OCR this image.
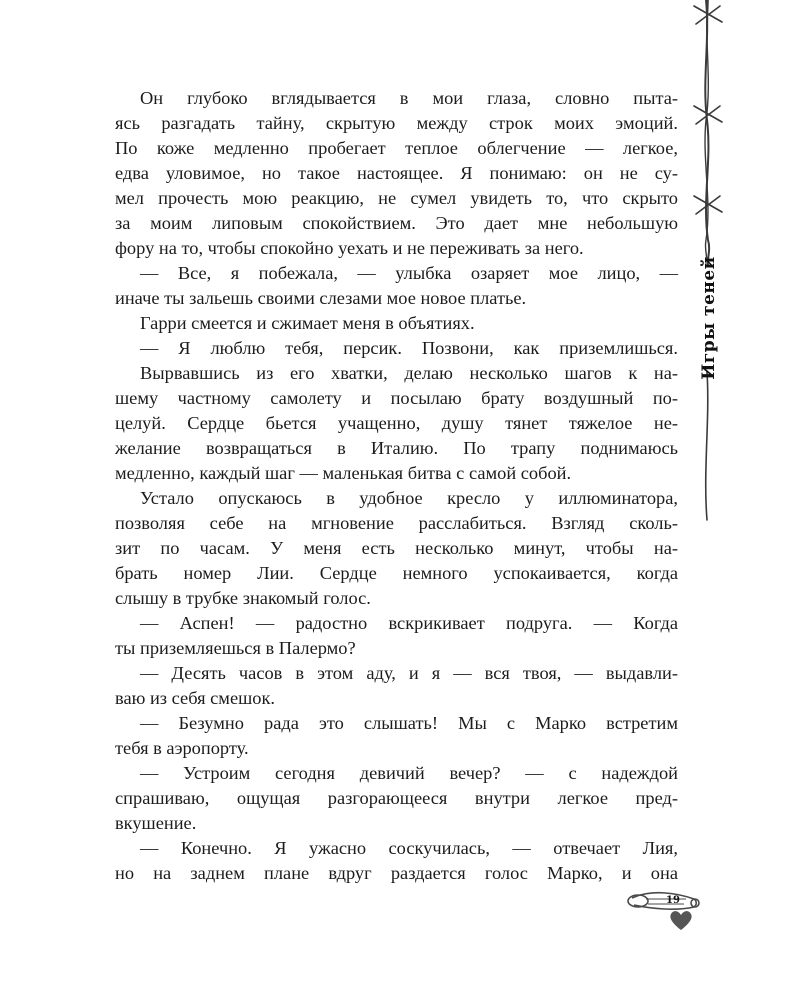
Игры теней
Он глубоко вглядывается в мои глаза, словно пыта-
ясь разгадать тайну, скрытую между строк моих эмоций.
По коже медленно пробегает теплое облегчение — легкое,
едва уловимое, но такое настоящее. Я понимаю: он не су-
мел прочесть мою реакцию, не сумел увидеть то, что скрыто
за моим липовым спокойствием. Это дает мне небольшую
фору на то, чтобы спокойно уехать и не переживать за него.
— Все, я побежала, — улыбка озаряет мое лицо, —
иначе ты зальешь своими слезами мое новое платье.
Гарри смеется и сжимает меня в объятиях.
— Я люблю тебя, персик. Позвони, как приземлишься.
Вырвавшись из его хватки, делаю несколько шагов к на-
шему частному самолету и посылаю брату воздушный по-
целуй. Сердце бьется учащенно, душу тянет тяжелое не-
желание возвращаться в Италию. По трапу поднимаюсь
медленно, каждый шаг — маленькая битва с самой собой.
Устало опускаюсь в удобное кресло у иллюминатора,
позволяя себе на мгновение расслабиться. Взгляд сколь-
зит по часам. У меня есть несколько минут, чтобы на-
брать номер Лии. Сердце немного успокаивается, когда
слышу в трубке знакомый голос.
— Аспен! — радостно вскрикивает подруга. — Когда
ты приземляешься в Палермо?
— Десять часов в этом аду, и я — вся твоя, — выдавли-
ваю из себя смешок.
— Безумно рада это слышать! Мы с Марко встретим
тебя в аэропорту.
— Устроим сегодня девичий вечер? — с надеждой
спрашиваю, ощущая разгорающееся внутри легкое пред-
вкушение.
— Конечно. Я ужасно соскучилась, — отвечает Лия,
но на заднем плане вдруг раздается голос Марко, и она
19
